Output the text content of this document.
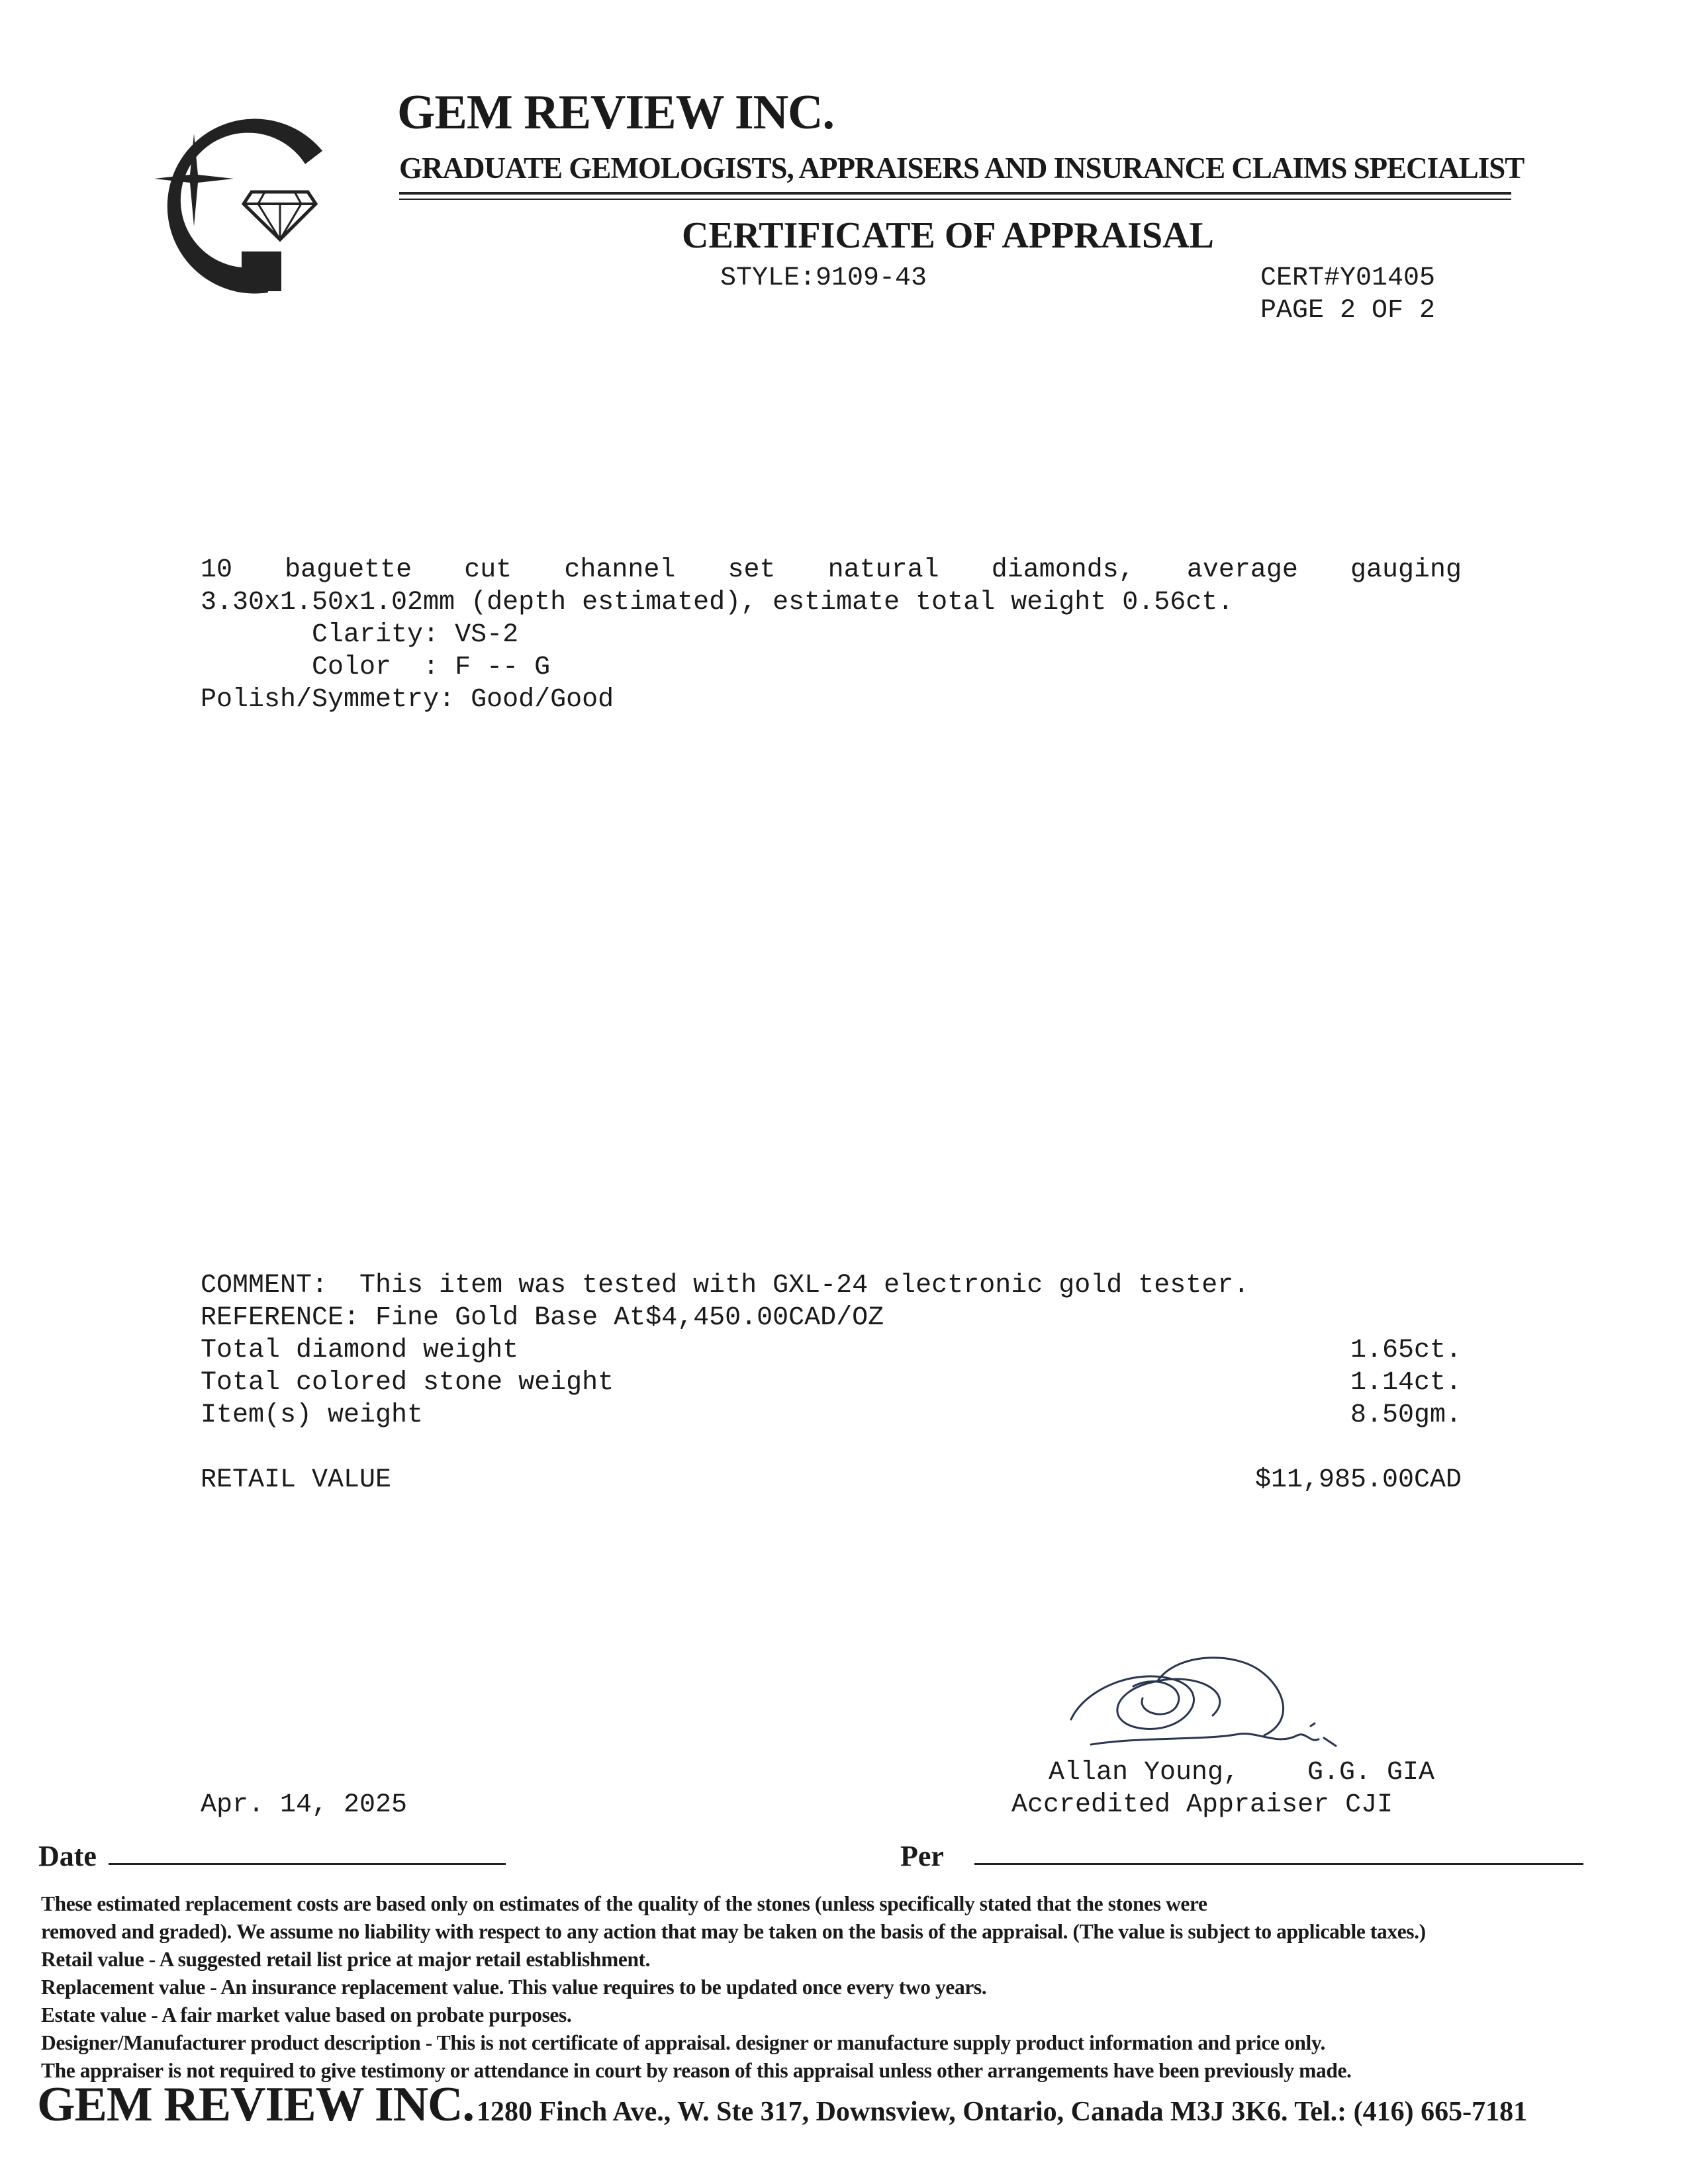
GEM REVIEW INC.
GRADUATE GEMOLOGISTS, APPRAISERS AND INSURANCE CLAIMS SPECIALIST
CERTIFICATE OF APPRAISAL
STYLE:9109-43	CERT#Y01405
PAGE 2 OF 2
10 baguette cut channel set natural diamonds, average gauging
3.30x1.50x1.02mm (depth estimated), estimate total weight 0.56ct.
Clarity: VS-2
Color  : F -- G
Polish/Symmetry: Good/Good
COMMENT:  This item was tested with GXL-24 electronic gold tester.
REFERENCE: Fine Gold Base At$4,450.00CAD/OZ
Total diamond weight	1.65ct.
Total colored stone weight	1.14ct.
Item(s) weight	8.50gm.
RETAIL VALUE	$11,985.00CAD
Allan Young,	G.G. GIA
Accredited Appraiser CJI
Apr. 14, 2025
Date	Per
These estimated replacement costs are based only on estimates of the quality of the stones (unless specifically stated that the stones were
removed and graded). We assume no liability with respect to any action that may be taken on the basis of the appraisal. (The value is subject to applicable taxes.)
Retail value - A suggested retail list price at major retail establishment.
Replacement value - An insurance replacement value. This value requires to be updated once every two years.
Estate value - A fair market value based on probate purposes.
Designer/Manufacturer product description - This is not certificate of appraisal. designer or manufacture supply product information and price only.
The appraiser is not required to give testimony or attendance in court by reason of this appraisal unless other arrangements have been previously made.
GEM REVIEW INC. 1280 Finch Ave., W. Ste 317, Downsview, Ontario, Canada M3J 3K6. Tel.: (416) 665-7181
